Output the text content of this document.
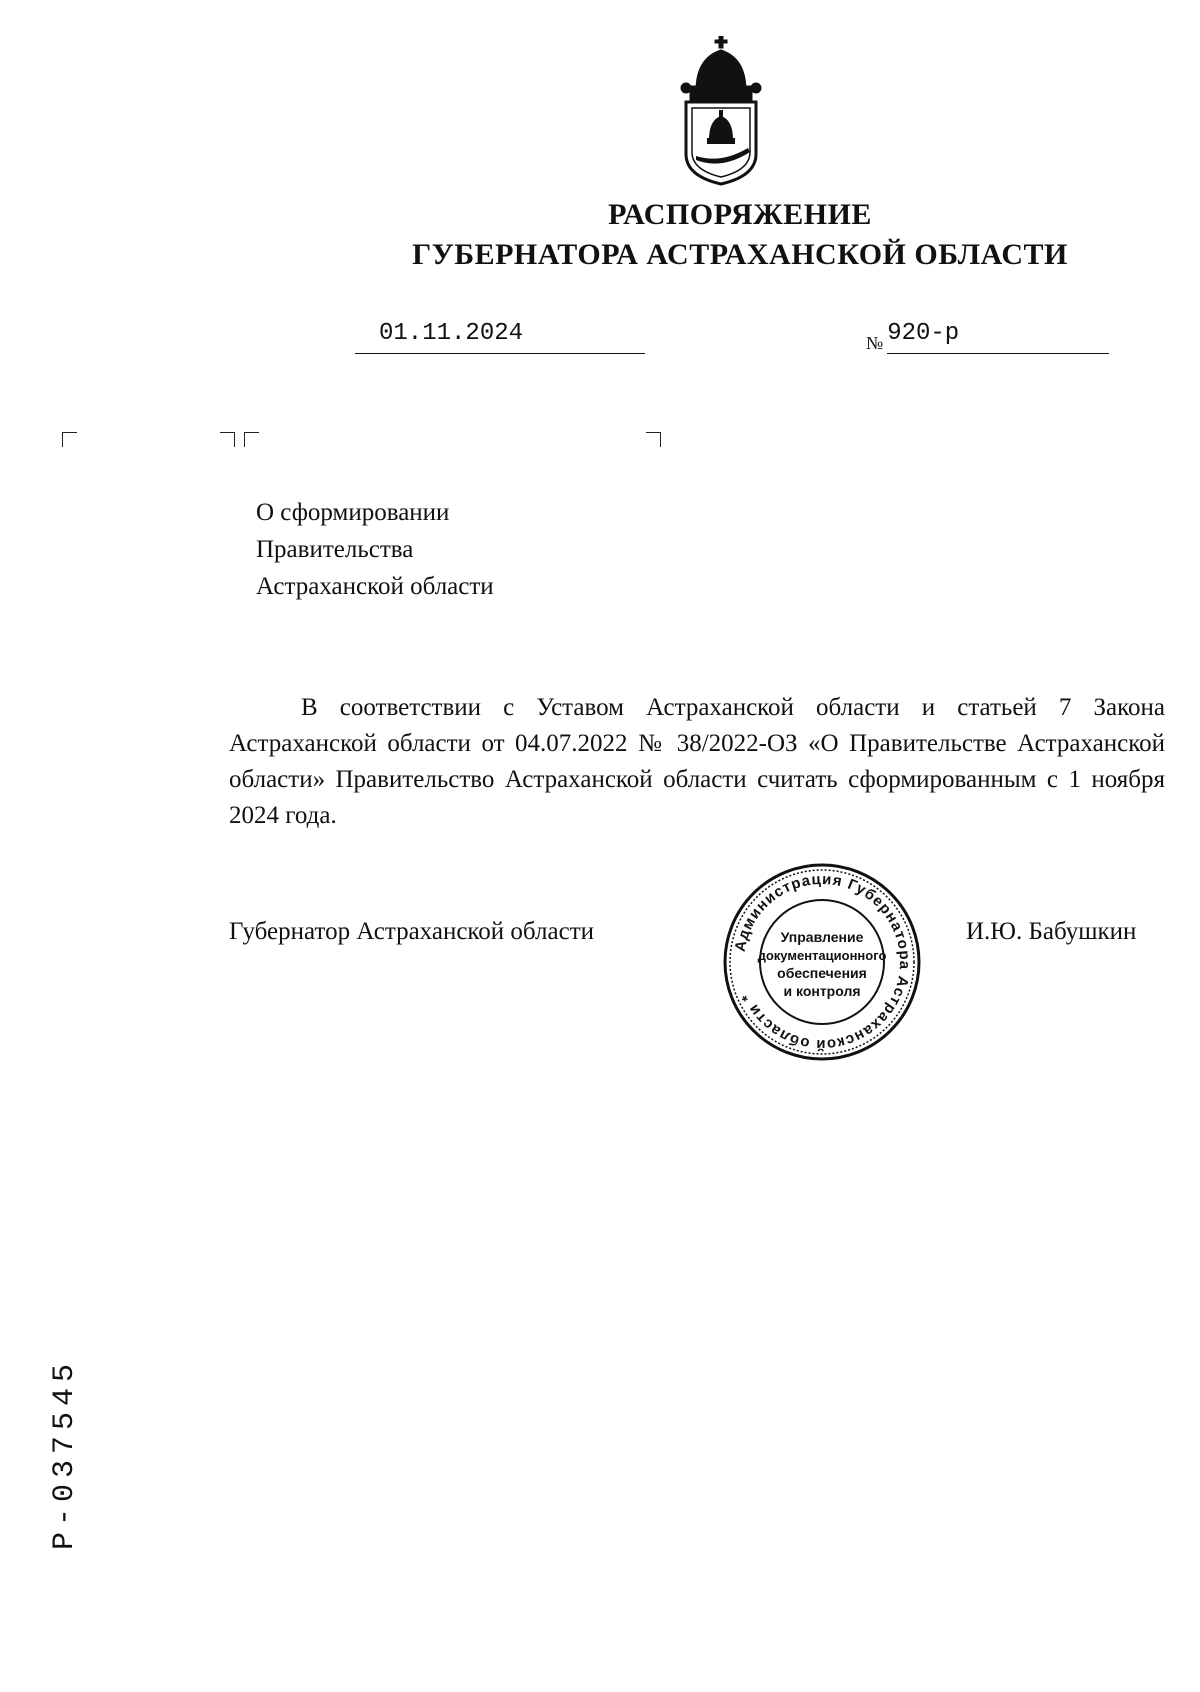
РАСПОРЯЖЕНИЕ
ГУБЕРНАТОРА АСТРАХАНСКОЙ ОБЛАСТИ
01.11.2024	№ 920-р
О сформировании
Правительства
Астраханской области
В соответствии с Уставом Астраханской области и статьей 7 Закона Астраханской области от 04.07.2022 № 38/2022-ОЗ «О Правительстве Астраханской области» Правительство Астраханской области считать сформированным с 1 ноября 2024 года.
Губернатор Астраханской области	И.Ю. Бабушкин
Администрация Губернатора Астраханской области *
Управление
документационного
обеспечения
и контроля
Р-037545
